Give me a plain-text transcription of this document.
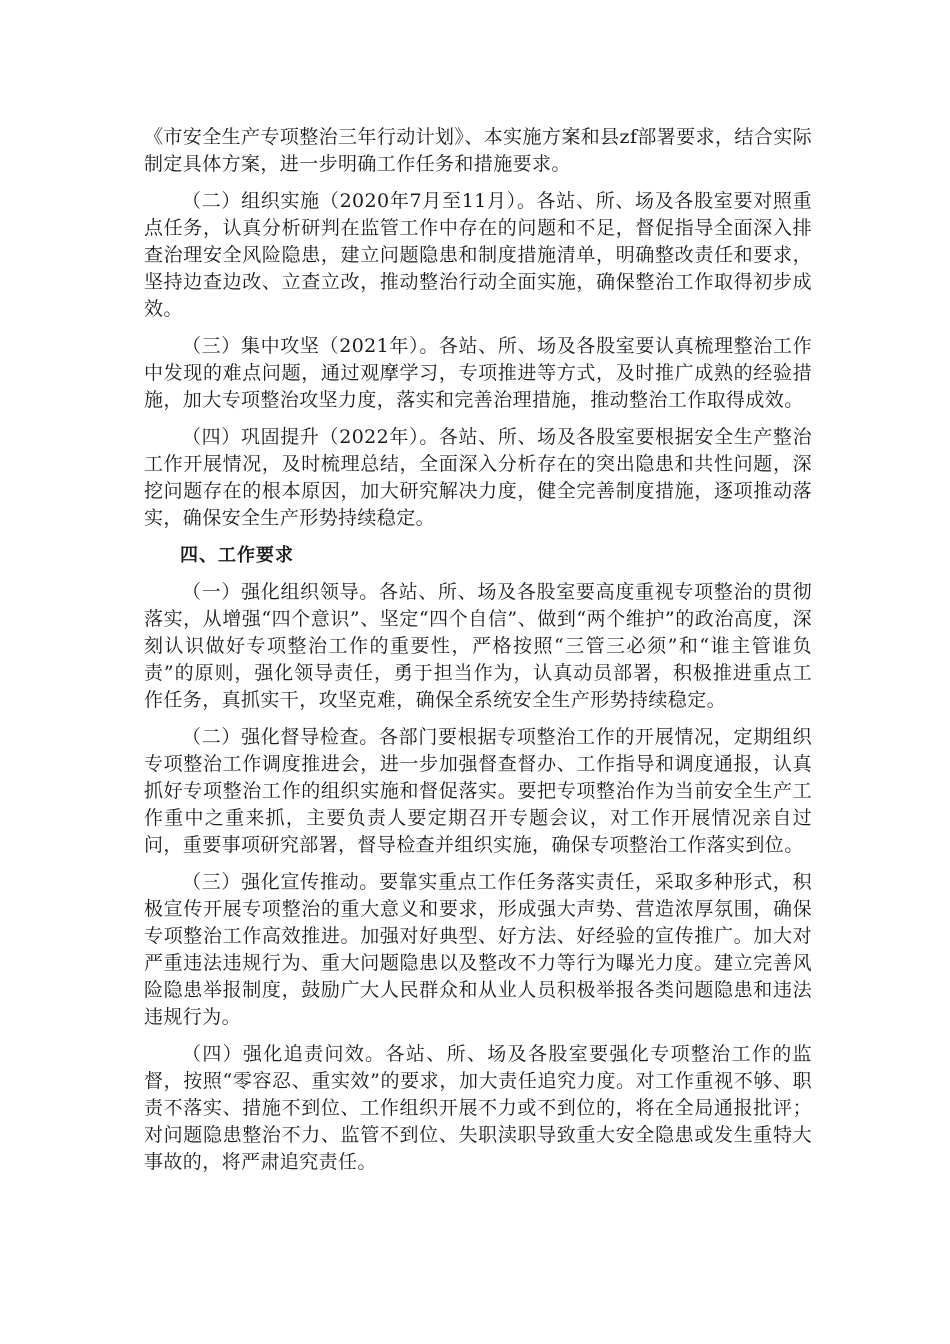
《市安全生产专项整治三年行动计划》、本实施方案和县zf部署要求，结合实际制定具体方案，进一步明确工作任务和措施要求。

（二）组织实施（2020年7月至11月）。各站、所、场及各股室要对照重点任务，认真分析研判在监管工作中存在的问题和不足，督促指导全面深入排查治理安全风险隐患，建立问题隐患和制度措施清单，明确整改责任和要求，坚持边查边改、立查立改，推动整治行动全面实施，确保整治工作取得初步成效。

（三）集中攻坚（2021年）。各站、所、场及各股室要认真梳理整治工作中发现的难点问题，通过观摩学习，专项推进等方式，及时推广成熟的经验措施，加大专项整治攻坚力度，落实和完善治理措施，推动整治工作取得成效。

（四）巩固提升（2022年）。各站、所、场及各股室要根据安全生产整治工作开展情况，及时梳理总结，全面深入分析存在的突出隐患和共性问题，深挖问题存在的根本原因，加大研究解决力度，健全完善制度措施，逐项推动落实，确保安全生产形势持续稳定。

四、工作要求

（一）强化组织领导。各站、所、场及各股室要高度重视专项整治的贯彻落实，从增强“四个意识”、坚定“四个自信”、做到“两个维护”的政治高度，深刻认识做好专项整治工作的重要性，严格按照“三管三必须”和“谁主管谁负责”的原则，强化领导责任，勇于担当作为，认真动员部署，积极推进重点工作任务，真抓实干，攻坚克难，确保全系统安全生产形势持续稳定。

（二）强化督导检查。各部门要根据专项整治工作的开展情况，定期组织专项整治工作调度推进会，进一步加强督查督办、工作指导和调度通报，认真抓好专项整治工作的组织实施和督促落实。要把专项整治作为当前安全生产工作重中之重来抓，主要负责人要定期召开专题会议，对工作开展情况亲自过问，重要事项研究部署，督导检查并组织实施，确保专项整治工作落实到位。

（三）强化宣传推动。要靠实重点工作任务落实责任，采取多种形式，积极宣传开展专项整治的重大意义和要求，形成强大声势、营造浓厚氛围，确保专项整治工作高效推进。加强对好典型、好方法、好经验的宣传推广。加大对严重违法违规行为、重大问题隐患以及整改不力等行为曝光力度。建立完善风险隐患举报制度，鼓励广大人民群众和从业人员积极举报各类问题隐患和违法违规行为。

（四）强化追责问效。各站、所、场及各股室要强化专项整治工作的监督，按照“零容忍、重实效”的要求，加大责任追究力度。对工作重视不够、职责不落实、措施不到位、工作组织开展不力或不到位的，将在全局通报批评；对问题隐患整治不力、监管不到位、失职渎职导致重大安全隐患或发生重特大事故的，将严肃追究责任。
